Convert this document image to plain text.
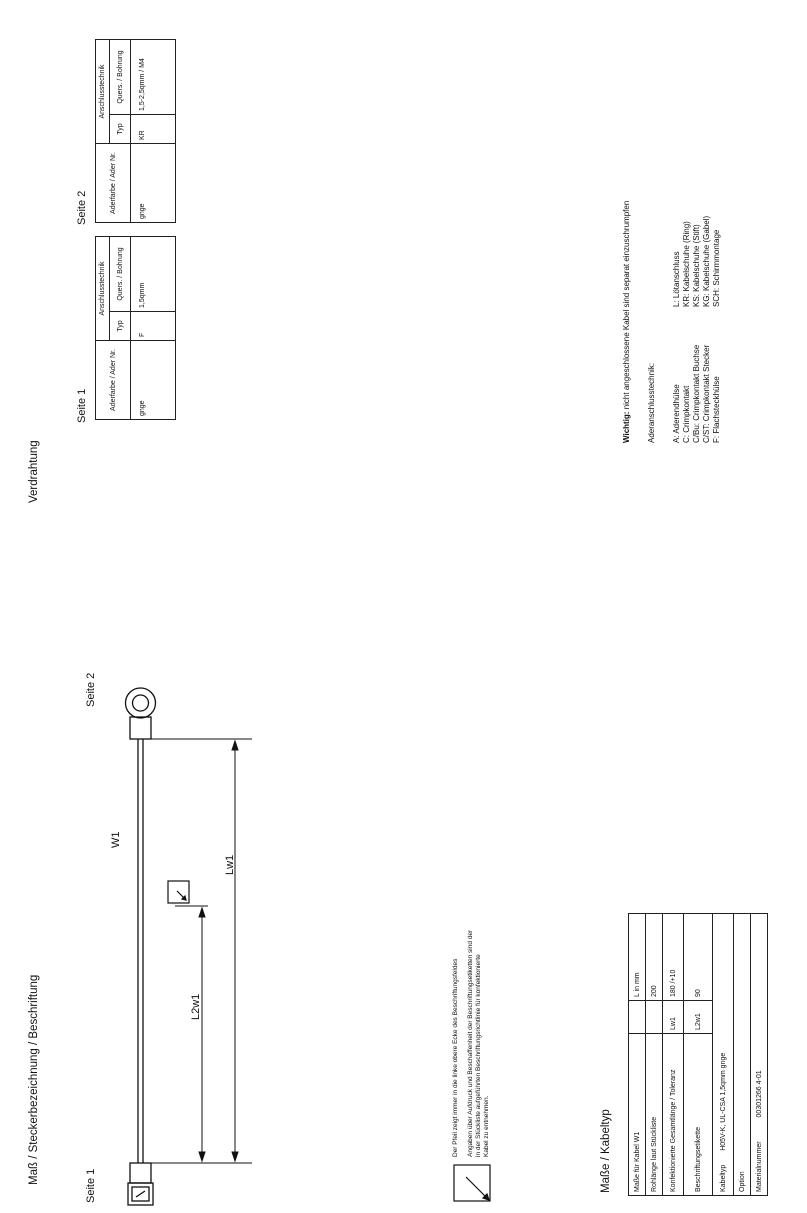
Maß / Steckerbezeichnung / Beschriftung
Seite 1
Seite 2
W1
Lw1
L2w1	Der Pfeil zeigt immer in die linke obere Ecke des Beschriftungsfeldes Angaben über Aufdruck und Beschaffenheit der Beschriftungsetiketten sind der in der Stückliste aufgeführten Beschriftungsrichtlinie für konfektionierte Kabel zu entnehmen.	Maße / Kabeltyp	Maße für Kabel W1		L in mm
Rohlänge laut Stückliste		200
Konfektionierte Gesamtlänge / Toleranz	Lw1	180 /+10
Beschriftungsetikette	L2w1	90
Kabeltyp H05V-K, UL-CSA 1,5qmm gnge		
Option		
Materialnummer 00301266 4-01		
Verdrahtung
Seite 1	Aderfarbe / Ader Nr.	Anschlusstechnik	
	Typ	Quers. / Bohrung
gnge	F	1,5qmm
Seite 2	Aderfarbe / Ader Nr.	Anschlusstechnik	
	Typ	Quers. / Bohrung
gnge	KR	1,5-2,5qmm / M4
Wichtig: nicht angeschlossene Kabel sind separat einzuschrumpfen Aderanschlusstechnik: A: Aderendhülse C: Crimpkontakt C/Bu: Crimpkontakt Buchse C/ST: Crimpkontakt Stecker F: Flachsteckhülse
L: Lötanschluss KR: Kabelschuhe (Ring) KS: Kabelschuhe (Stift) KG: Kabelschuhe (Gabel) SCH: Schirmmontage
